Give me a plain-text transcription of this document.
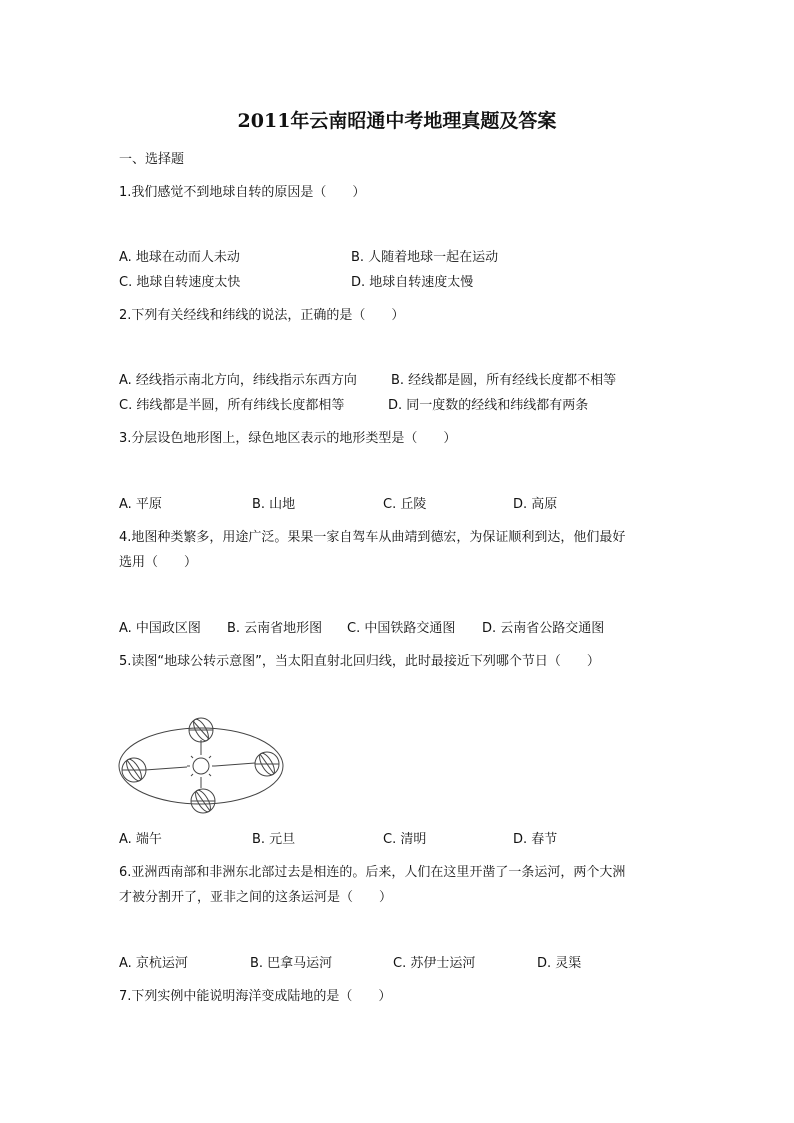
2011年云南昭通中考地理真题及答案
一、选择题
1.我们感觉不到地球自转的原因是（　　）
A. 地球在动而人未动	B. 人随着地球一起在运动
C. 地球自转速度太快	D. 地球自转速度太慢
2.下列有关经线和纬线的说法，正确的是（　　）
A. 经线指示南北方向，纬线指示东西方向	B. 经线都是圆，所有经线长度都不相等
C. 纬线都是半圆，所有纬线长度都相等	D. 同一度数的经线和纬线都有两条
3.分层设色地形图上，绿色地区表示的地形类型是（　　）
A. 平原	B. 山地	C. 丘陵	D. 高原
4.地图种类繁多，用途广泛。果果一家自驾车从曲靖到德宏，为保证顺利到达，他们最好
选用（　　）
A. 中国政区图 B. 云南省地形图 C. 中国铁路交通图 D. 云南省公路交通图
5.读图“地球公转示意图”，当太阳直射北回归线，此时最接近下列哪个节日（　　）
A. 端午	B. 元旦	C. 清明	D. 春节
6.亚洲西南部和非洲东北部过去是相连的。后来，人们在这里开凿了一条运河，两个大洲
才被分割开了，亚非之间的这条运河是（　　）
A. 京杭运河	B. 巴拿马运河	C. 苏伊士运河	D. 灵渠
7.下列实例中能说明海洋变成陆地的是（　　）
